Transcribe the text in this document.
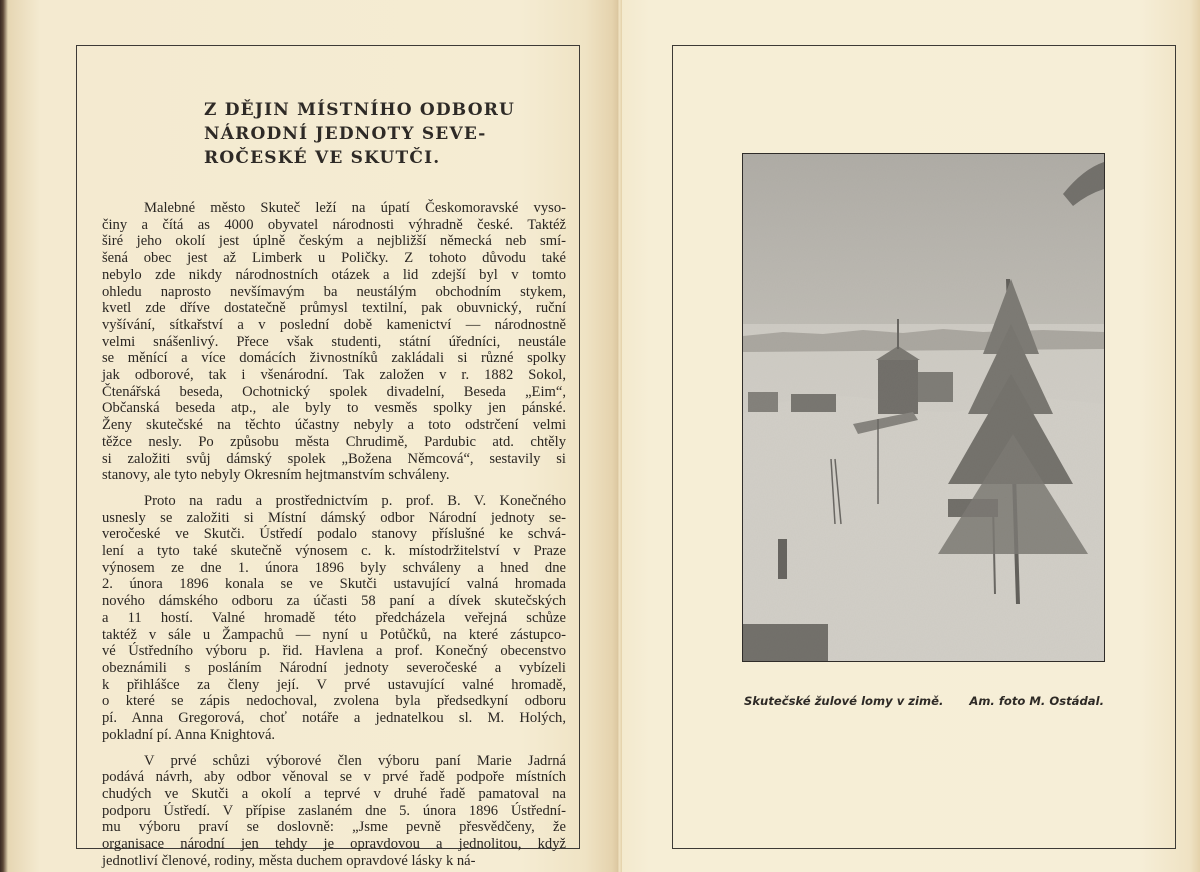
Z DĚJIN MÍSTNÍHO ODBORU
NÁRODNÍ JEDNOTY SEVE-
ROČESKÉ VE SKUTČI.
Malebné město Skuteč leží na úpatí Českomoravské vyso-
činy a čítá as 4000 obyvatel národnosti výhradně české. Taktéž
širé jeho okolí jest úplně českým a nejbližší německá neb smí-
šená obec jest až Limberk u Poličky. Z tohoto důvodu také
nebylo zde nikdy národnostních otázek a lid zdejší byl v tomto
ohledu naprosto nevšímavým ba neustálým obchodním stykem,
kvetl zde dříve dostatečně průmysl textilní, pak obuvnický, ruční
vyšívání, sítkařství a v poslední době kamenictví — národnostně
velmi snášenlivý. Přece však studenti, státní úředníci, neustále
se měnící a více domácích živnostníků zakládali si různé spolky
jak odborové, tak i všenárodní. Tak založen v r. 1882 Sokol,
Čtenářská beseda, Ochotnický spolek divadelní, Beseda „Eim“,
Občanská beseda atp., ale byly to vesměs spolky jen pánské.
Ženy skutečské na těchto účastny nebyly a toto odstrčení velmi
těžce nesly. Po způsobu města Chrudimě, Pardubic atd. chtěly
si založiti svůj dámský spolek „Božena Němcová“, sestavily si
stanovy, ale tyto nebyly Okresním hejtmanstvím schváleny.
Proto na radu a prostřednictvím p. prof. B. V. Konečného
usnesly se založiti si Místní dámský odbor Národní jednoty se-
veročeské ve Skutči. Ústředí podalo stanovy příslušné ke schvá-
lení a tyto také skutečně výnosem c. k. místodržitelství v Praze
výnosem ze dne 1. února 1896 byly schváleny a hned dne
2. února 1896 konala se ve Skutči ustavující valná hromada
nového dámského odboru za účasti 58 paní a dívek skutečských
a 11 hostí. Valné hromadě této předcházela veřejná schůze
taktéž v sále u Žampachů — nyní u Potůčků, na které zástupco-
vé Ústředního výboru p. řid. Havlena a prof. Konečný obecenstvo
obeznámili s posláním Národní jednoty severočeské a vybízeli
k přihlášce za členy její. V prvé ustavující valné hromadě,
o které se zápis nedochoval, zvolena byla předsedkyní odboru
pí. Anna Gregorová, choť notáře a jednatelkou sl. M. Holých,
pokladní pí. Anna Knightová.
V prvé schůzi výborové člen výboru paní Marie Jadrná
podává návrh, aby odbor věnoval se v prvé řadě podpoře místních
chudých ve Skutči a okolí a teprvé v druhé řadě pamatoval na
podporu Ústředí. V přípise zaslaném dne 5. února 1896 Ústřední-
mu výboru praví se doslovně: „Jsme pevně přesvědčeny, že
organisace národní jen tehdy je opravdovou a jednolitou, když
jednotliví členové, rodiny, města duchem opravdové lásky k ná-
Skutečské žulové lomy v zimě. Am. foto M. Ostádal.
